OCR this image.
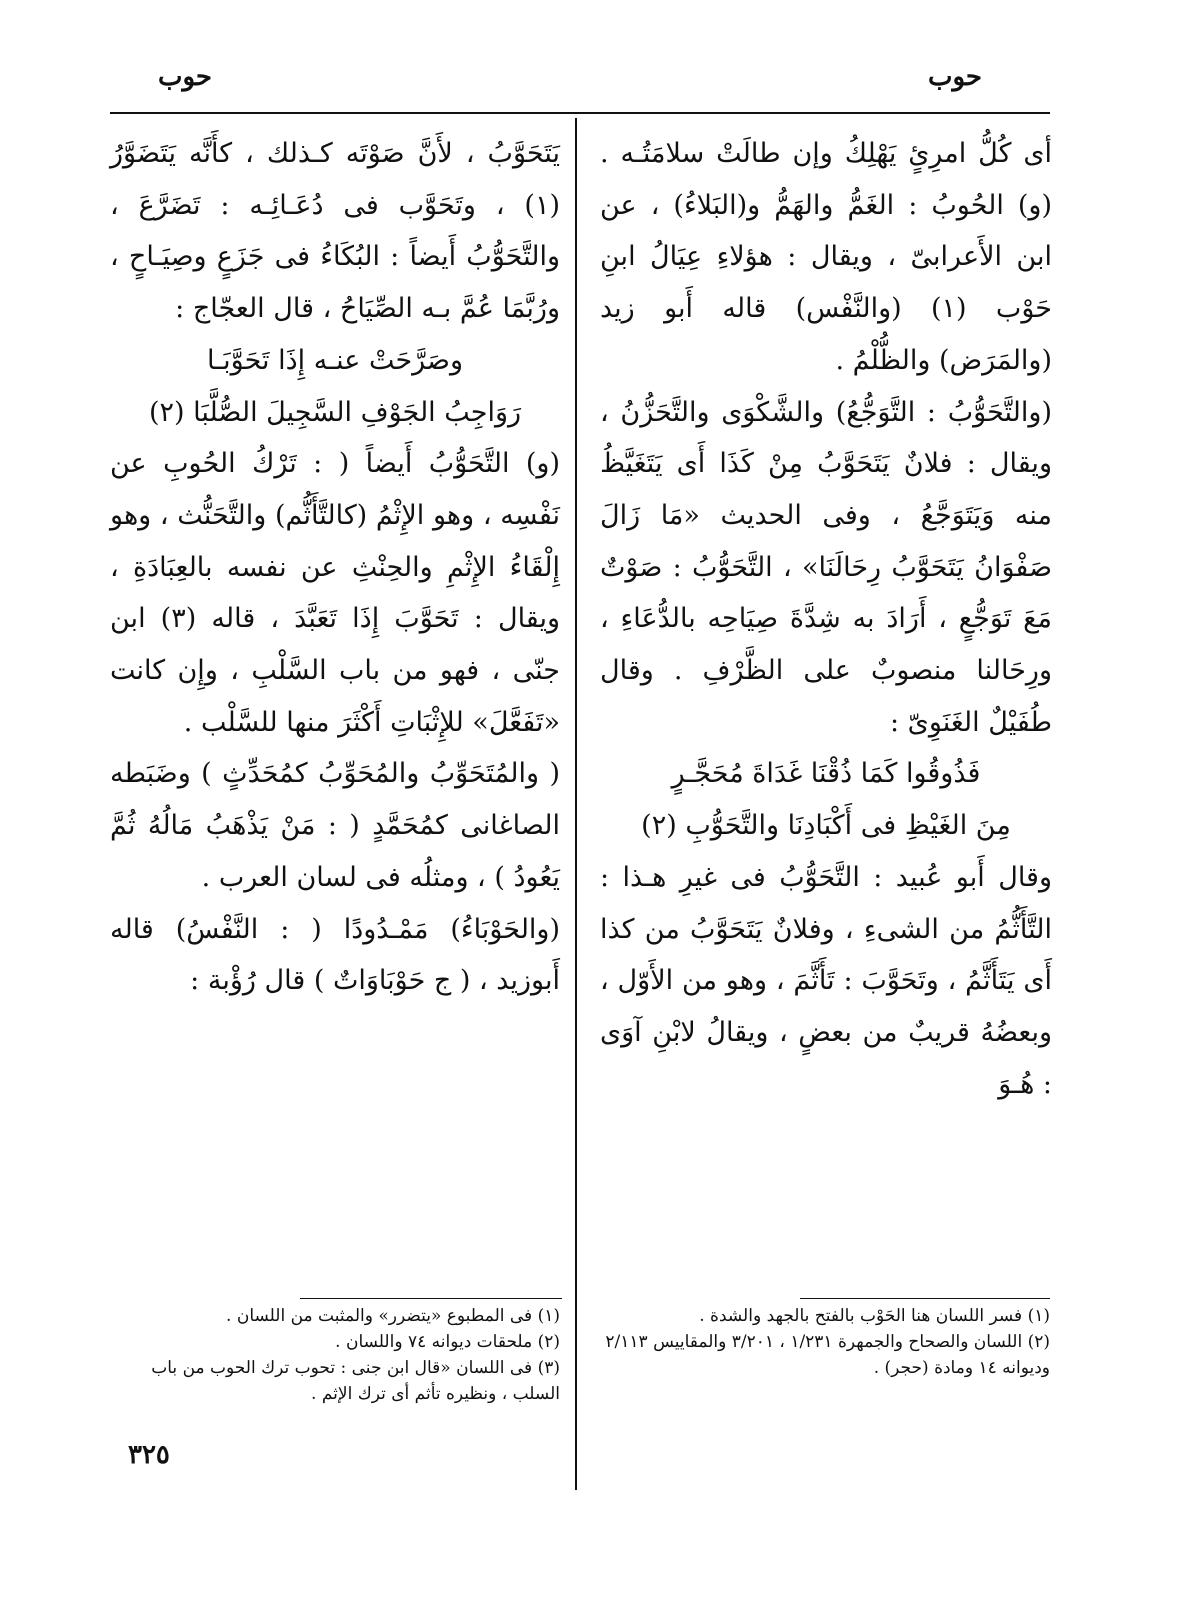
حوب
حوب

أى كُلُّ امرِئٍ يَهْلِكُ وإن طالَتْ سلامَتُـه . (و) الحُوبُ : الغَمُّ والهَمُّ و(البَلاءُ) ، عن ابن الأَعرابىّ ، ويقال : هؤلاءِ عِيَالُ ابنِ حَوْب (١) (والنَّفْس) قاله أَبو زيد (والمَرَض) والظُّلْمُ .

(والتَّحَوُّبُ : التَّوَجُّعُ) والشَّكْوَى والتَّحَزُّنُ ، ويقال : فلانٌ يَتَحَوَّبُ مِنْ كَذَا أَى يَتَغَيَّظُ منه وَيَتَوَجَّعُ ، وفى الحديث «مَا زَالَ صَفْوَانُ يَتَحَوَّبُ رِحَالَنَا» ، التَّحَوُّبُ : صَوْتٌ مَعَ تَوَجُّعٍ ، أَرَادَ به شِدَّةَ صِيَاحِه بالدُّعَاءِ ، ورِحَالنا منصوبٌ على الظَّرْفِ . وقال طُفَيْلٌ الغَنَوِىّ :

فَذُوقُوا كَمَا ذُقْنَا غَدَاةَ مُحَجَّـرٍ

مِنَ الغَيْظِ فى أَكْبَادِنَا والتَّحَوُّبِ (٢)

وقال أَبو عُبيد : التَّحَوُّبُ فى غيرِ هـذا : التَّأَثُّمُ من الشىءِ ، وفلانٌ يَتَحَوَّبُ من كذا أَى يَتَأَثَّمُ ، وتَحَوَّبَ : تَأَثَّمَ ، وهو من الأَوّل ، وبعضُهُ قريبٌ من بعضٍ ، ويقالُ لابْنِ آوَى : هُـوَ

يَتَحَوَّبُ ، لأَنَّ صَوْتَه كـذلك ، كأَنَّه يَتَضَوَّرُ (١) ، وتَحَوَّب فى دُعَـائِـه : تَضَرَّعَ ، والتَّحَوُّبُ أَيضاً : البُكَاءُ فى جَزَعٍ وصِيَـاحٍ ، ورُبَّمَا عُمَّ بـه الصِّيَاحُ ، قال العجّاج :

وصَرَّحَتْ عنـه إِذَا تَحَوَّبَـا

رَوَاجِبُ الجَوْفِ السَّجِيلَ الصُّلَّبَا (٢)

(و) التَّحَوُّبُ أَيضاً ( : تَرْكُ الحُوبِ عن نَفْسِه ، وهو الإِثْمُ (كالتَّأَثُّم) والتَّحَنُّث ، وهو إِلْقَاءُ الإِثْمِ والحِنْثِ عن نفسه بالعِبَادَةِ ، ويقال : تَحَوَّبَ إِذَا تَعَبَّدَ ، قاله (٣) ابن جنّى ، فهو من باب السَّلْبِ ، وإِن كانت «تَفَعَّلَ» للإِثْبَاتِ أَكْثَرَ منها للسَّلْب .

( والمُتَحَوِّبُ والمُحَوِّبُ كمُحَدِّثٍ ) وضَبَطه الصاغانى كمُحَمَّدٍ ( : مَنْ يَذْهَبُ مَالُهُ ثُمَّ يَعُودُ ) ، ومثلُه فى لسان العرب .

(والحَوْبَاءُ) مَمْـدُودًا ( : النَّفْسُ) قاله أَبوزيد ، ( ج حَوْبَاوَاتٌ ) قال رُؤْبة :

(١) فسر اللسان هنا الحَوْب بالفتح بالجهد والشدة .

(٢) اللسان والصحاح والجمهرة ١/٢٣١ ، ٣/٢٠١ والمقاييس ٢/١١٣ وديوانه ١٤ ومادة (حجر) .

(١) فى المطبوع «يتضرر» والمثبت من اللسان .

(٢) ملحقات ديوانه ٧٤ واللسان .

(٣) فى اللسان «قال ابن جنى : تحوب ترك الحوب من باب السلب ، ونظيره تأثم أى ترك الإثم .

٣٢٥
